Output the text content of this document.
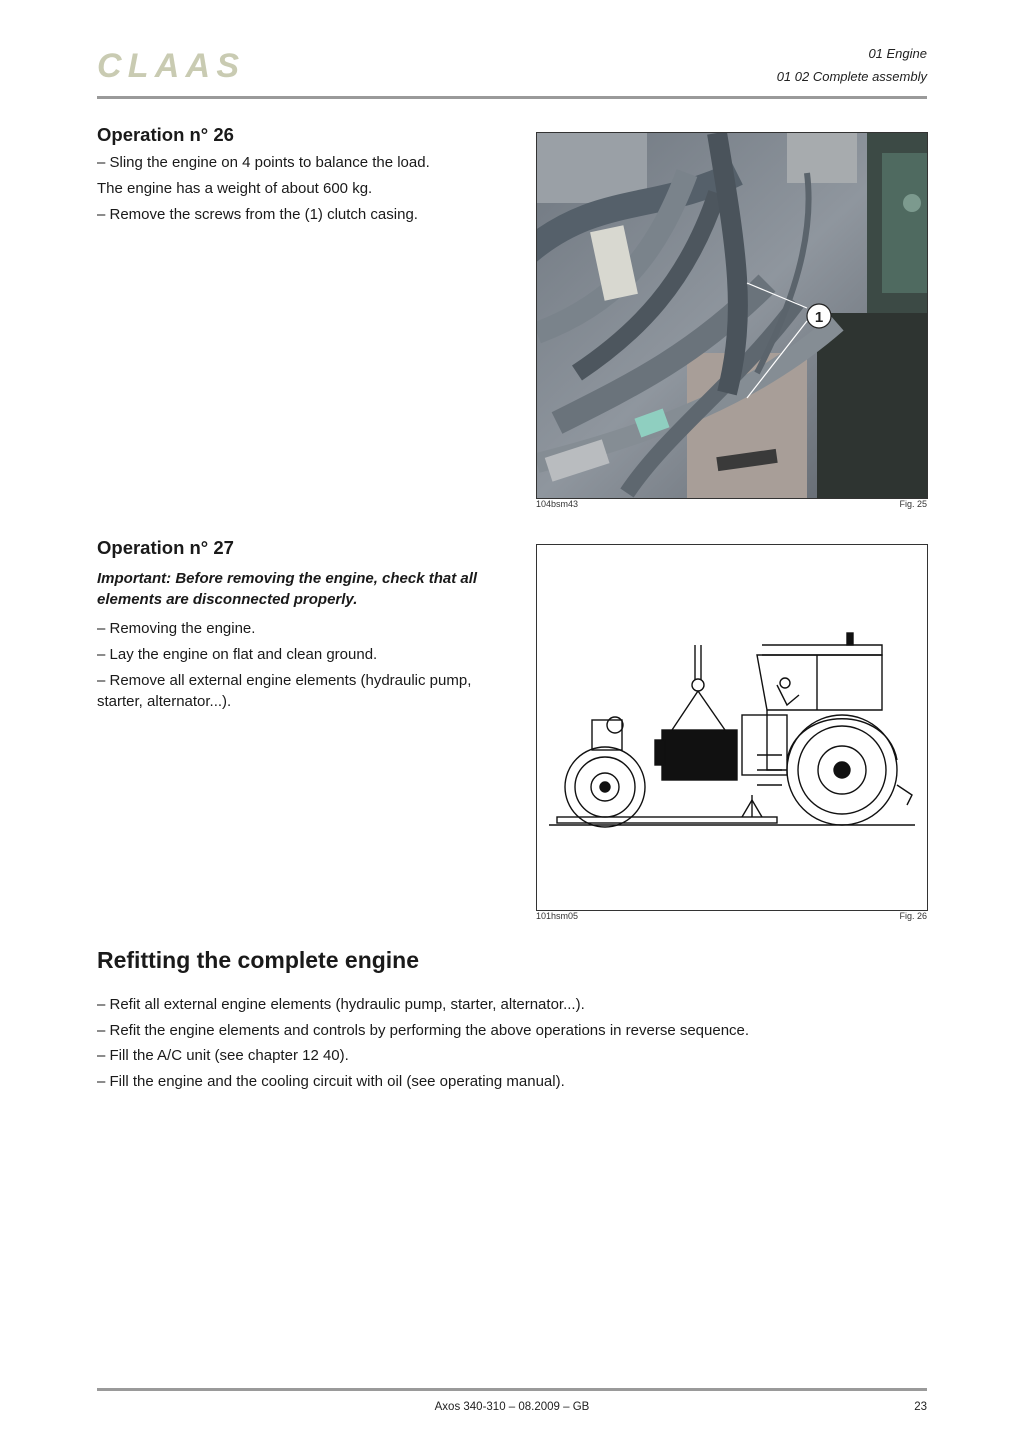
CLAAS	01 Engine
01 02 Complete assembly
Operation n° 26

– Sling the engine on 4 points to balance the load.

The engine has a weight of about 600 kg.

– Remove the screws from the (1) clutch casing.

1
104bsm43	Fig. 25
Operation n° 27

Important: Before removing the engine, check that all elements are disconnected properly.

– Removing the engine.

– Lay the engine on flat and clean ground.

– Remove all external engine elements (hydraulic pump, starter, alternator...).

101hsm05	Fig. 26
Refitting the complete engine

– Refit all external engine elements (hydraulic pump, starter, alternator...).

– Refit the engine elements and controls by performing the above operations in reverse sequence.

– Fill the A/C unit (see chapter 12 40).

– Fill the engine and the cooling circuit with oil (see operating manual).

Axos 340-310 – 08.2009 – GB	23
